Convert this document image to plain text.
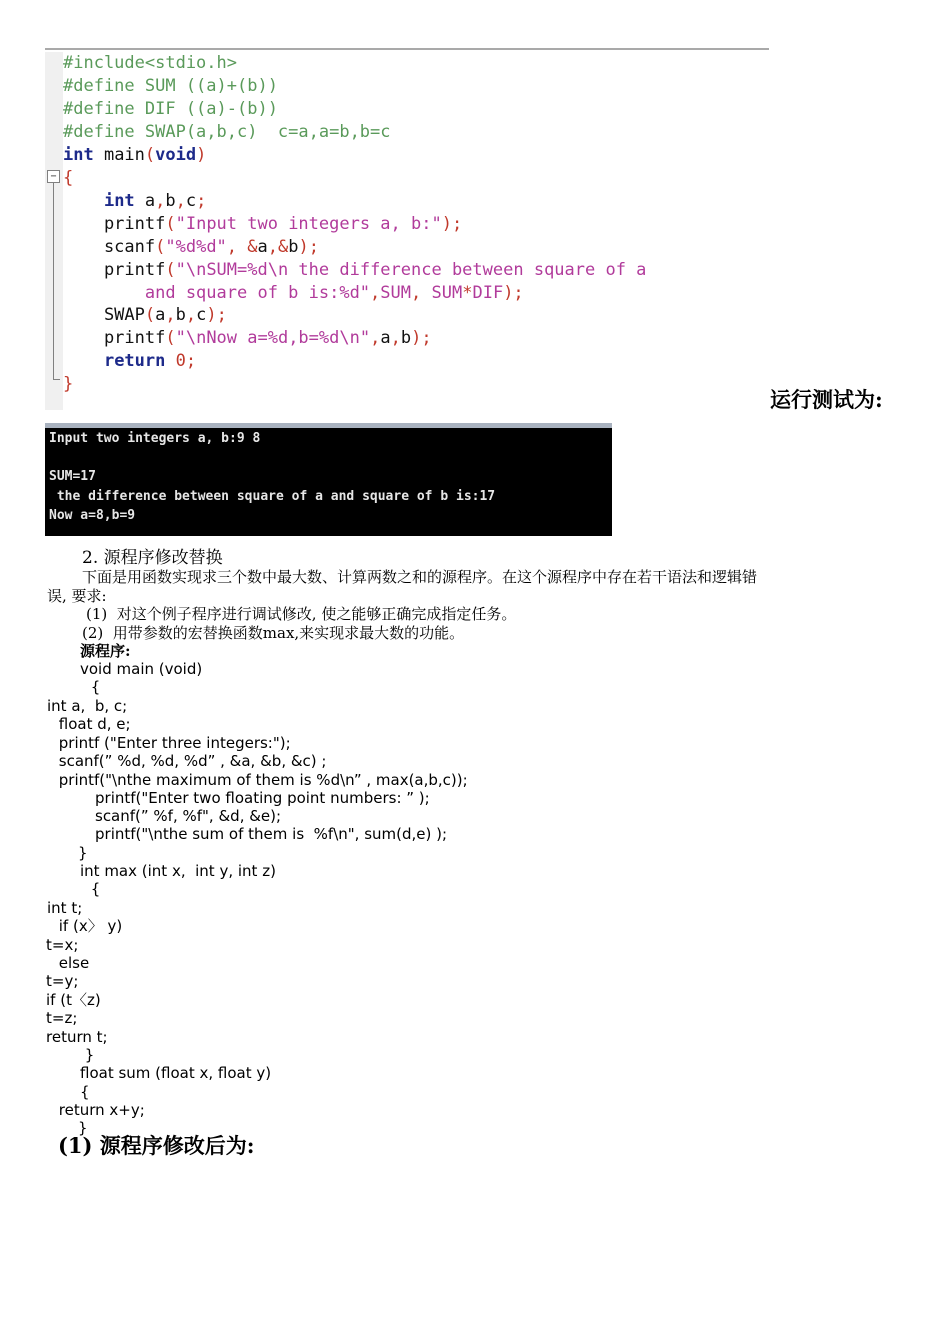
−
#include<stdio.h>
#define SUM ((a)+(b))
#define DIF ((a)-(b))
#define SWAP(a,b,c)  c=a,a=b,b=c
int main(void)
{
int a,b,c;
printf("Input two integers a, b:");
scanf("%d%d", &a,&b);
printf("\nSUM=%d\n the difference between square of a
and square of b is:%d",SUM, SUM*DIF);
SWAP(a,b,c);
printf("\nNow a=%d,b=%d\n",a,b);
return 0;
}
运行测试为:
Input two integers a, b:9 8
SUM=17
the difference between square of a and square of b is:17
Now a=8,b=9
2. 源程序修改替换
下面是用函数实现求三个数中最大数、计算两数之和的源程序。在这个源程序中存在若干语法和逻辑错
误, 要求:
(1)  对这个例子程序进行调试修改, 使之能够正确完成指定任务。
(2)  用带参数的宏替换函数max,来实现求最大数的功能。
源程序:
void main (void)
{
int a,  b, c;
float d, e;
printf ("Enter three integers:");
scanf(” %d, %d, %d” , &a, &b, &c) ;
printf("\nthe maximum of them is %d\n” , max(a,b,c));
printf("Enter two floating point numbers: ” );
scanf(” %f, %f", &d, &e);
printf("\nthe sum of them is  %f\n", sum(d,e) );
}
int max (int x,  int y, int z)
{
int t;
if (x〉 y)
t=x;
else
t=y;
if (t〈z)
t=z;
return t;
}
float sum (float x, float y)
{
return x+y;
}
(1) 源程序修改后为:
